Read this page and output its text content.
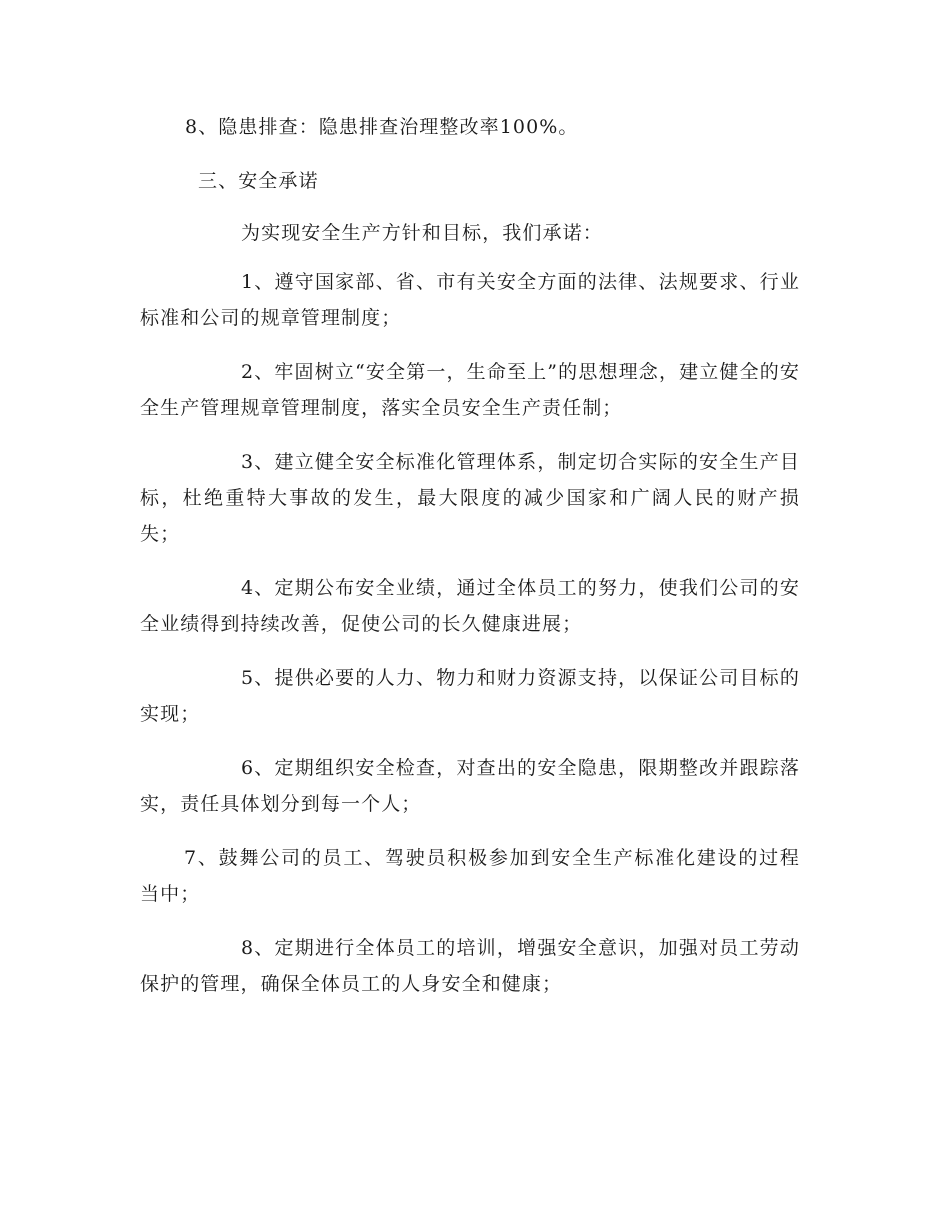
8、隐患排查：隐患排查治理整改率100%。
三、安全承诺
为实现安全生产方针和目标，我们承诺：
1、遵守国家部、省、市有关安全方面的法律、法规要求、行业标准和公司的规章管理制度；
2、牢固树立“安全第一，生命至上”的思想理念，建立健全的安全生产管理规章管理制度，落实全员安全生产责任制；
3、建立健全安全标准化管理体系，制定切合实际的安全生产目标，杜绝重特大事故的发生，最大限度的减少国家和广阔人民的财产损失；
4、定期公布安全业绩，通过全体员工的努力，使我们公司的安全业绩得到持续改善，促使公司的长久健康进展；
5、提供必要的人力、物力和财力资源支持，以保证公司目标的实现；
6、定期组织安全检查，对查出的安全隐患，限期整改并跟踪落实，责任具体划分到每一个人；
7、鼓舞公司的员工、驾驶员积极参加到安全生产标准化建设的过程当中；
8、定期进行全体员工的培训，增强安全意识，加强对员工劳动保护的管理，确保全体员工的人身安全和健康；
